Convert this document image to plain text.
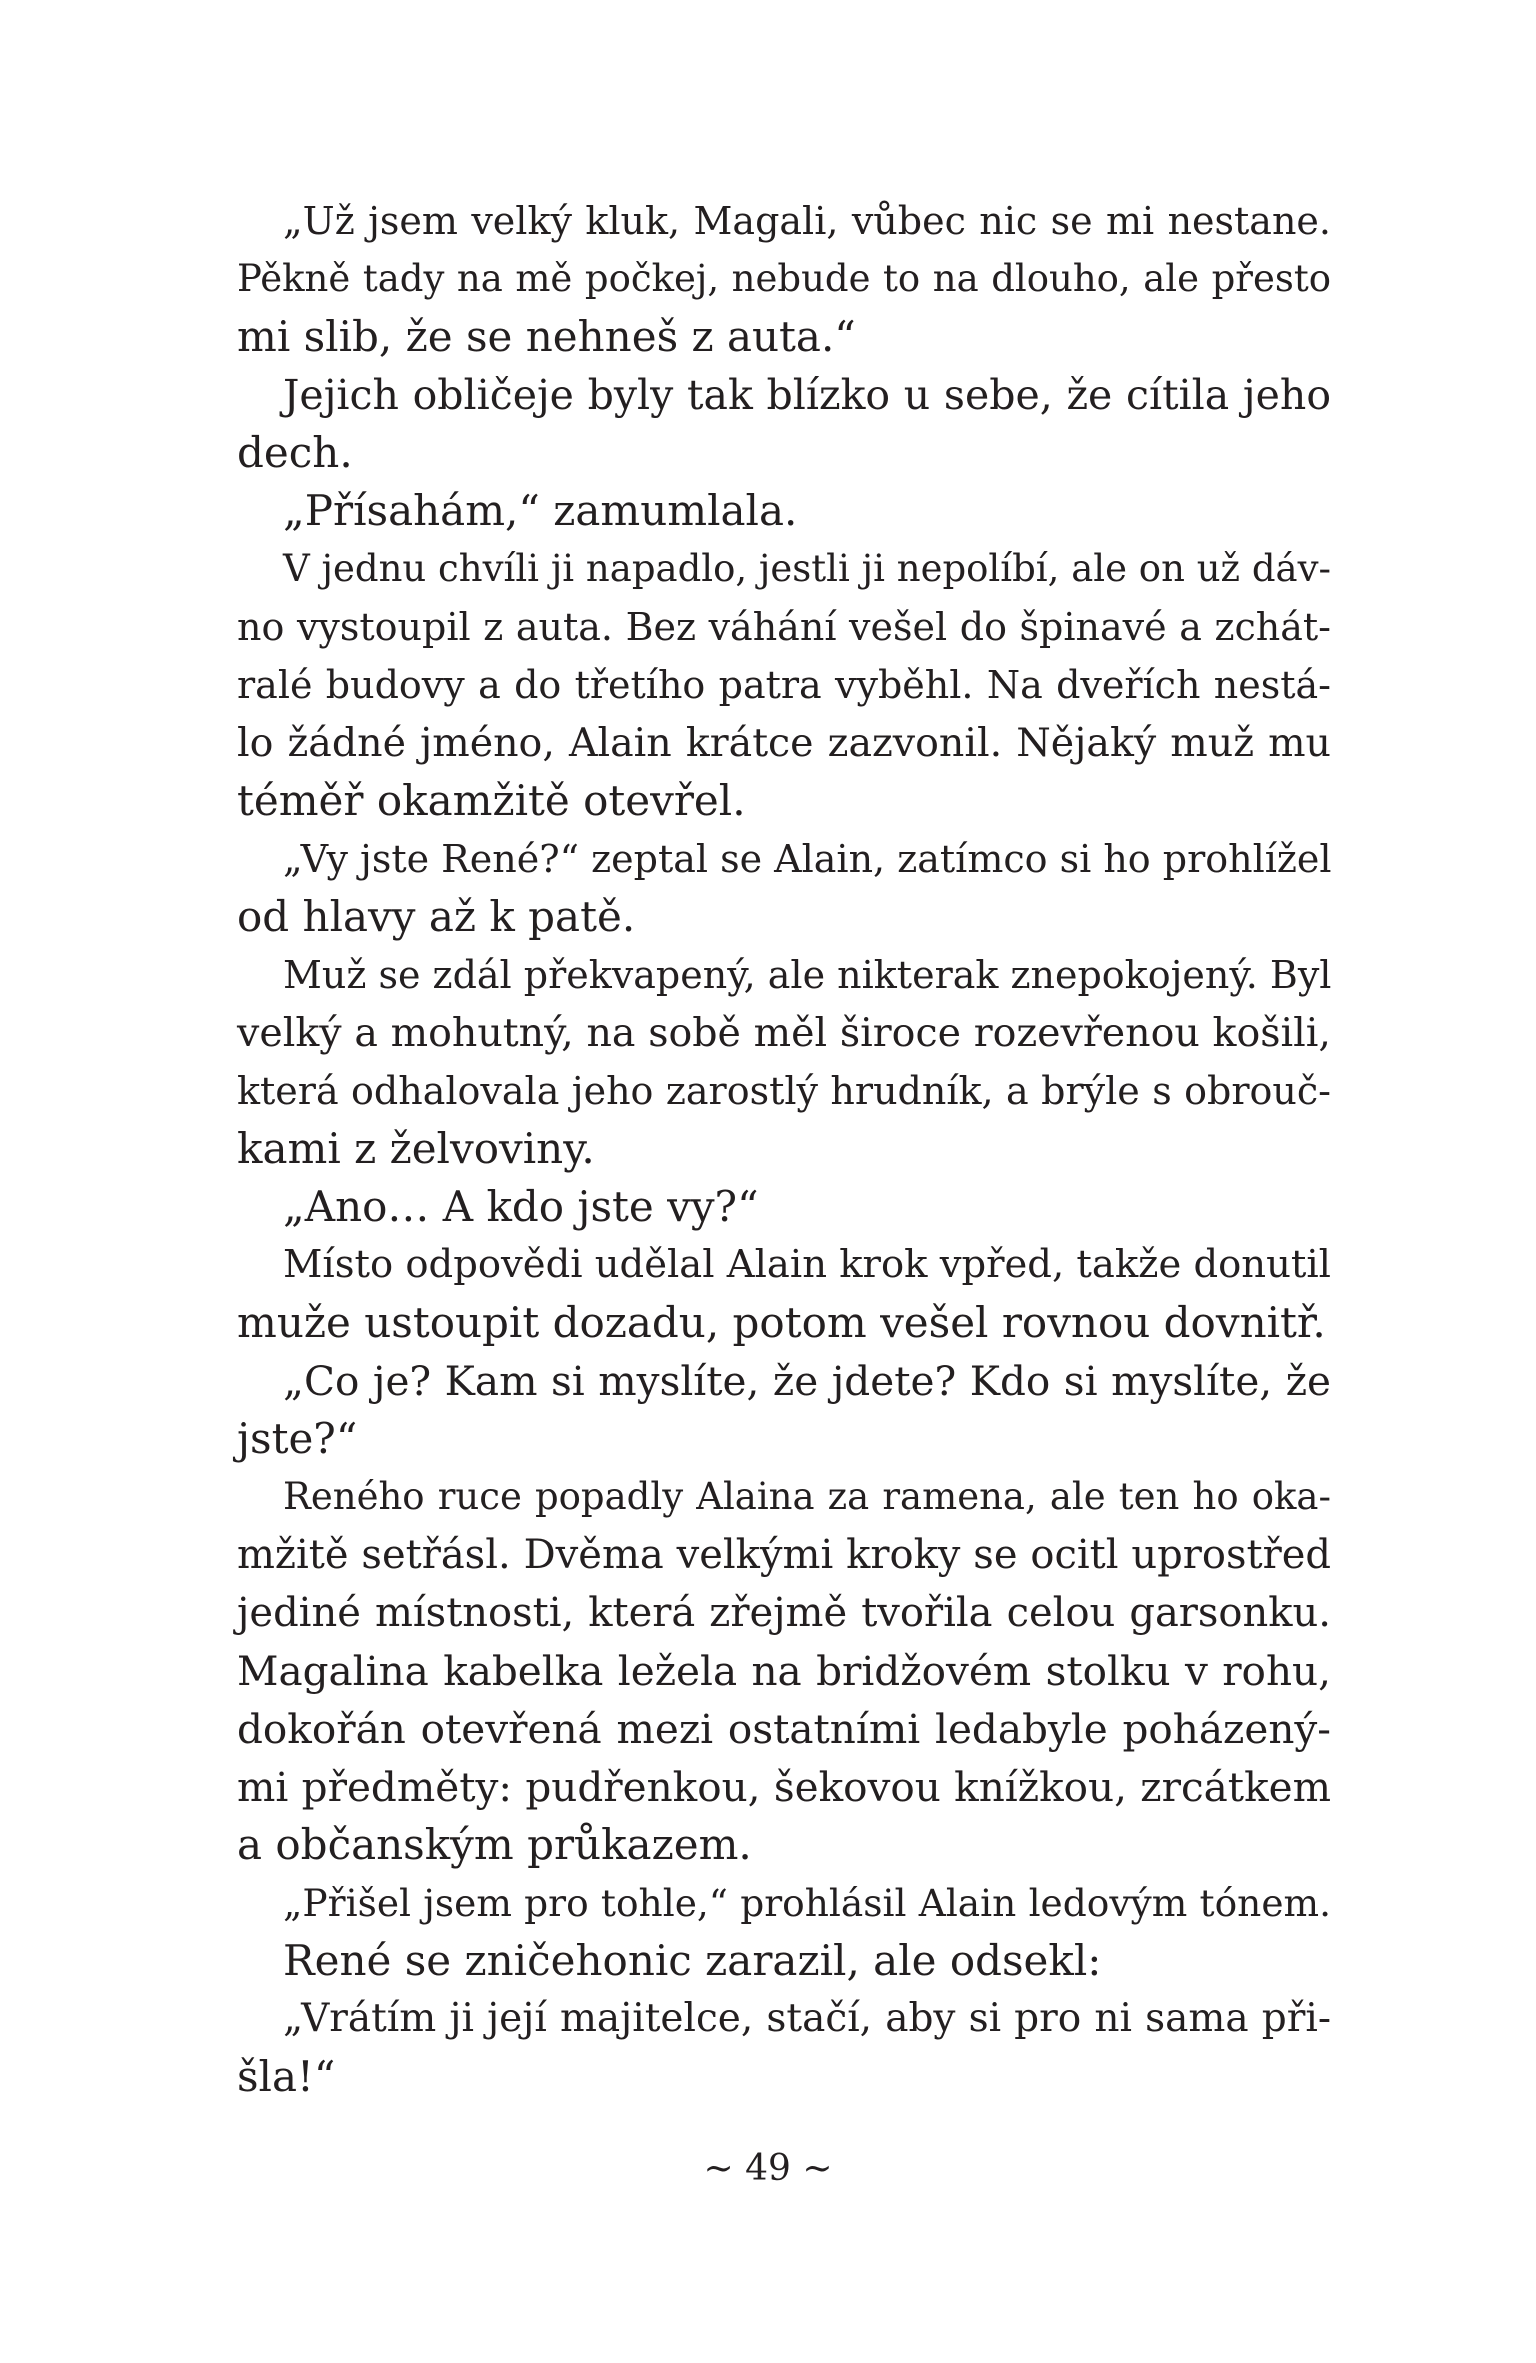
„Už jsem velký kluk, Magali, vůbec nic se mi nestane.
Pěkně tady na mě počkej, nebude to na dlouho, ale přesto
mi slib, že se nehneš z auta.“
Jejich obličeje byly tak blízko u sebe, že cítila jeho
dech.
„Přísahám,“ zamumlala.
V jednu chvíli ji napadlo, jestli ji nepolíbí, ale on už dáv-
no vystoupil z auta. Bez váhání vešel do špinavé a zchát-
ralé budovy a do třetího patra vyběhl. Na dveřích nestá-
lo žádné jméno, Alain krátce zazvonil. Nějaký muž mu
téměř okamžitě otevřel.
„Vy jste René?“ zeptal se Alain, zatímco si ho prohlížel
od hlavy až k patě.
Muž se zdál překvapený, ale nikterak znepokojený. Byl
velký a mohutný, na sobě měl široce rozevřenou košili,
která odhalovala jeho zarostlý hrudník, a brýle s obrouč-
kami z želvoviny.
„Ano… A kdo jste vy?“
Místo odpovědi udělal Alain krok vpřed, takže donutil
muže ustoupit dozadu, potom vešel rovnou dovnitř.
„Co je? Kam si myslíte, že jdete? Kdo si myslíte, že
jste?“
Reného ruce popadly Alaina za ramena, ale ten ho oka-
mžitě setřásl. Dvěma velkými kroky se ocitl uprostřed
jediné místnosti, která zřejmě tvořila celou garsonku.
Magalina kabelka ležela na bridžovém stolku v rohu,
dokořán otevřená mezi ostatními ledabyle poházený-
mi předměty: pudřenkou, šekovou knížkou, zrcátkem
a občanským průkazem.
„Přišel jsem pro tohle,“ prohlásil Alain ledovým tónem.
René se zničehonic zarazil, ale odsekl:
„Vrátím ji její majitelce, stačí, aby si pro ni sama při-
šla!“
~ 49 ~
